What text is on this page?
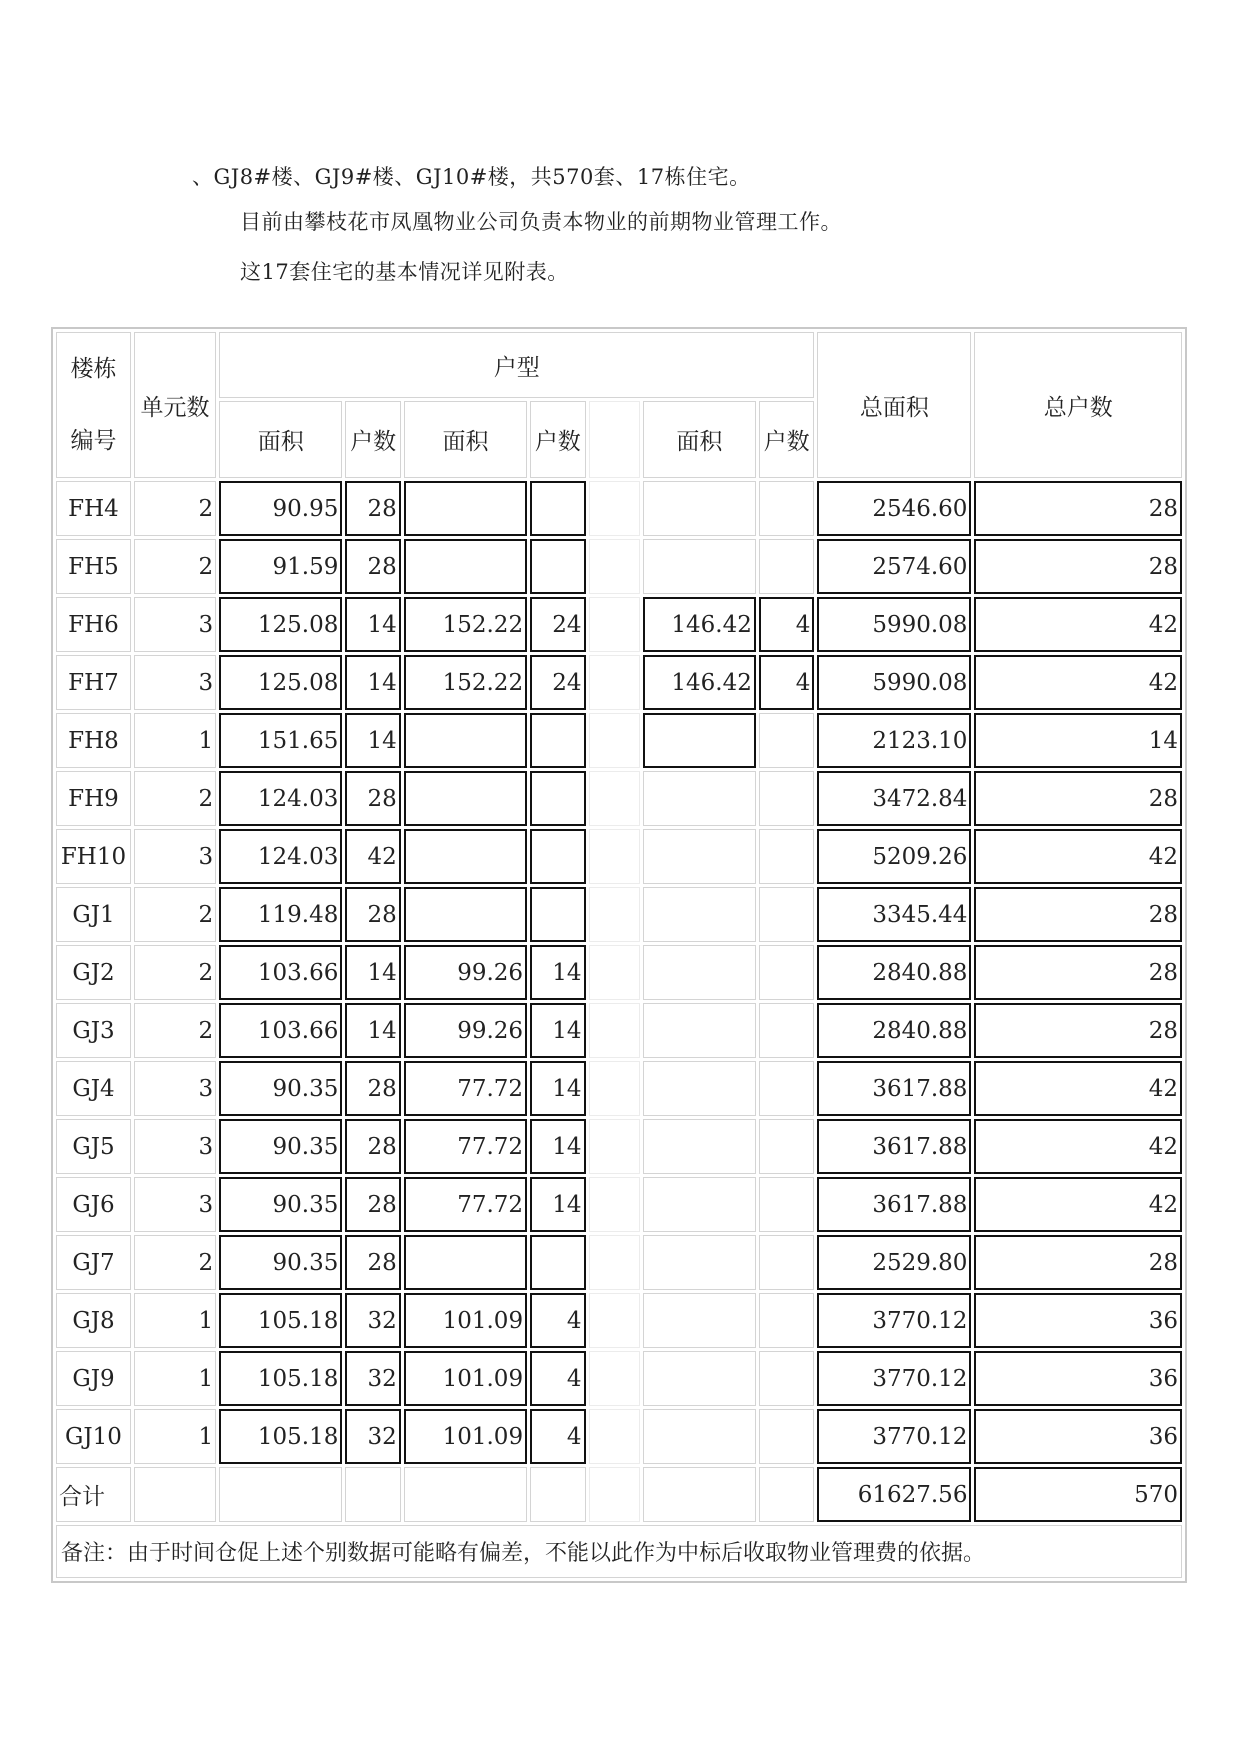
、GJ8#楼、GJ9#楼、GJ10#楼，共570套、17栋住宅。
目前由攀枝花市凤凰物业公司负责本物业的前期物业管理工作。
这17套住宅的基本情况详见附表。
楼栋
编号	单元数	户型							总面积	总户数
		面积	户数	面积	户数		面积	户数		
FH4	2	90.95	28						2546.60	28
FH5	2	91.59	28						2574.60	28
FH6	3	125.08	14	152.22	24		146.42	4	5990.08	42
FH7	3	125.08	14	152.22	24		146.42	4	5990.08	42
FH8	1	151.65	14						2123.10	14
FH9	2	124.03	28						3472.84	28
FH10	3	124.03	42						5209.26	42
GJ1	2	119.48	28						3345.44	28
GJ2	2	103.66	14	99.26	14				2840.88	28
GJ3	2	103.66	14	99.26	14				2840.88	28
GJ4	3	90.35	28	77.72	14				3617.88	42
GJ5	3	90.35	28	77.72	14				3617.88	42
GJ6	3	90.35	28	77.72	14				3617.88	42
GJ7	2	90.35	28						2529.80	28
GJ8	1	105.18	32	101.09	4				3770.12	36
GJ9	1	105.18	32	101.09	4				3770.12	36
GJ10	1	105.18	32	101.09	4				3770.12	36
合计									61627.56	570
备注：由于时间仓促上述个别数据可能略有偏差，不能以此作为中标后收取物业管理费的依据。										
